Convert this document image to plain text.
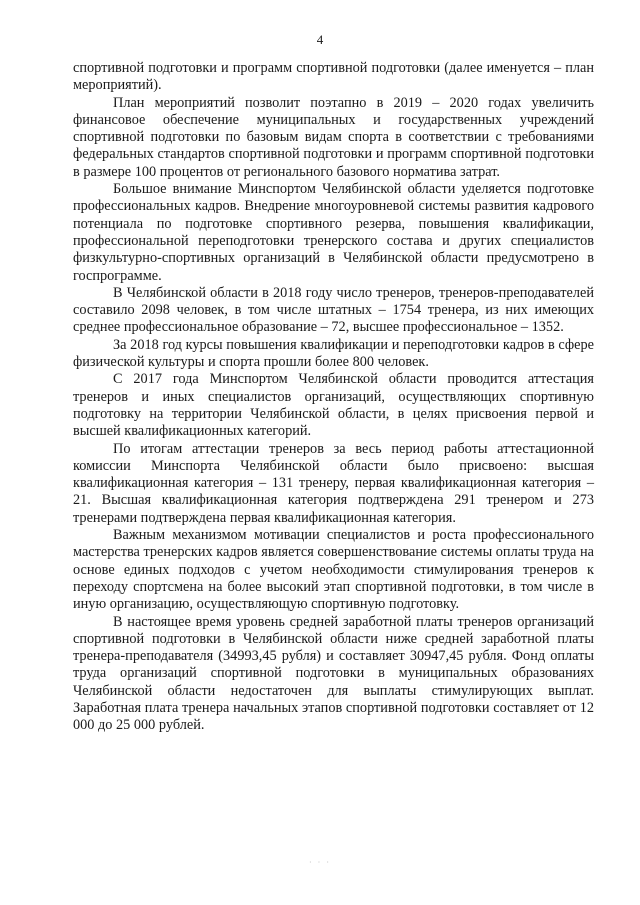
4

спортивной подготовки и программ спортивной подготовки (далее именуется – план мероприятий).

План мероприятий позволит поэтапно в 2019 – 2020 годах увеличить финансовое обеспечение муниципальных и государственных учреждений спортивной подготовки по базовым видам спорта в соответствии с требованиями федеральных стандартов спортивной подготовки и программ спортивной подготовки в размере 100 процентов от регионального базового норматива затрат.

Большое внимание Минспортом Челябинской области уделяется подготовке профессиональных кадров. Внедрение многоуровневой системы развития кадрового потенциала по подготовке спортивного резерва, повышения квалификации, профессиональной переподготовки тренерского состава и других специалистов физкультурно-спортивных организаций в Челябинской области предусмотрено в госпрограмме.

В Челябинской области в 2018 году число тренеров, тренеров-преподавателей составило 2098 человек, в том числе штатных – 1754 тренера, из них имеющих среднее профессиональное образование – 72, высшее профессиональное – 1352.

За 2018 год курсы повышения квалификации и переподготовки кадров в сфере физической культуры и спорта прошли более 800 человек.

С 2017 года Минспортом Челябинской области проводится аттестация тренеров и иных специалистов организаций, осуществляющих спортивную подготовку на территории Челябинской области, в целях присвоения первой и высшей квалификационных категорий.

По итогам аттестации тренеров за весь период работы аттестационной комиссии Минспорта Челябинской области было присвоено: высшая квалификационная категория – 131 тренеру, первая квалификационная категория – 21. Высшая квалификационная категория подтверждена 291 тренером и 273 тренерами подтверждена первая квалификационная категория.

Важным механизмом мотивации специалистов и роста профессионального мастерства тренерских кадров является совершенствование системы оплаты труда на основе единых подходов с учетом необходимости стимулирования тренеров к переходу спортсмена на более высокий этап спортивной подготовки, в том числе в иную организацию, осуществляющую спортивную подготовку.

В настоящее время уровень средней заработной платы тренеров организаций спортивной подготовки в Челябинской области ниже средней заработной платы тренера-преподавателя (34993,45 рубля) и составляет 30947,45 рубля. Фонд оплаты труда организаций спортивной подготовки в муниципальных образованиях Челябинской области недостаточен для выплаты стимулирующих выплат. Заработная плата тренера начальных этапов спортивной подготовки составляет от 12 000 до 25 000 рублей.

· · ·
